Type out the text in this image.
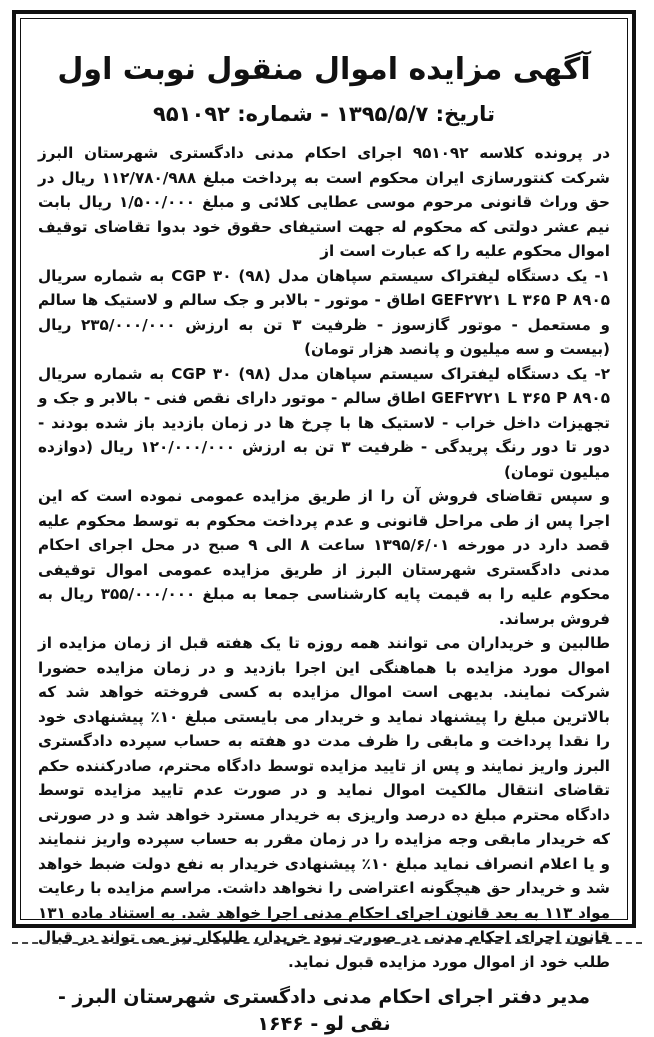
آگهی مزایده اموال منقول نوبت اول
تاریخ: ۱۳۹۵/۵/۷ - شماره: ۹۵۱۰۹۲

در پرونده کلاسه ۹۵۱۰۹۲ اجرای احکام مدنی دادگستری شهرستان البرز شرکت کنتورسازی ایران محکوم است به پرداخت مبلغ ۱۱۲/۷۸۰/۹۸۸ ریال در حق وراث قانونی مرحوم موسی عطایی کلائی و مبلغ ۱/۵۰۰/۰۰۰ ریال بابت نیم عشر دولتی که محکوم له جهت استیفای حقوق خود بدوا تقاضای توقیف اموال محکوم علیه را که عبارت است از

۱- یک دستگاه لیفتراک سیستم سپاهان مدل (۹۸) ۳۰ CGP به شماره سریال ۸۹۰۵ GEF۲۷۲۱ L ۳۶۵ P اطاق - موتور - بالابر و جک سالم و لاستیک ها سالم و مستعمل - موتور گازسوز - ظرفیت ۳ تن به ارزش ۲۳۵/۰۰۰/۰۰۰ ریال (بیست و سه میلیون و پانصد هزار تومان)

۲- یک دستگاه لیفتراک سیستم سپاهان مدل (۹۸) ۳۰ CGP به شماره سریال ۸۹۰۵ GEF۲۷۲۱ L ۳۶۵ P اطاق سالم - موتور دارای نقص فنی - بالابر و جک و تجهیزات داخل خراب - لاستیک ها با چرخ ها در زمان بازدید باز شده بودند - دور تا دور رنگ پریدگی - ظرفیت ۳ تن به ارزش ۱۲۰/۰۰۰/۰۰۰ ریال (دوازده میلیون تومان)

و سپس تقاضای فروش آن را از طریق مزایده عمومی نموده است که این اجرا پس از طی مراحل قانونی و عدم پرداخت محکوم به توسط محکوم علیه قصد دارد در مورخه ۱۳۹۵/۶/۰۱ ساعت ۸ الی ۹ صبح در محل اجرای احکام مدنی دادگستری شهرستان البرز از طریق مزایده عمومی اموال توقیفی محکوم علیه را به قیمت پایه کارشناسی جمعا به مبلغ ۳۵۵/۰۰۰/۰۰۰ ریال به فروش برساند.

طالبین و خریداران می توانند همه روزه تا یک هفته قبل از زمان مزایده از اموال مورد مزایده با هماهنگی این اجرا بازدید و در زمان مزایده حضورا شرکت نمایند. بدیهی است اموال مزایده به کسی فروخته خواهد شد که بالاترین مبلغ را پیشنهاد نماید و خریدار می بایستی مبلغ ۱۰٪ پیشنهادی خود را نقدا پرداخت و مابقی را ظرف مدت دو هفته به حساب سپرده دادگستری البرز واریز نمایند و پس از تایید مزایده توسط دادگاه محترم، صادرکننده حکم تقاضای انتقال مالکیت اموال نماید و در صورت عدم تایید مزایده توسط دادگاه محترم مبلغ ده درصد واریزی به خریدار مسترد خواهد شد و در صورتی که خریدار مابقی وجه مزایده را در زمان مقرر به حساب سپرده واریز ننمایند و یا اعلام انصراف نماید مبلغ ۱۰٪ پیشنهادی خریدار به نفع دولت ضبط خواهد شد و خریدار حق هیچگونه اعتراضی را نخواهد داشت. مراسم مزایده با رعایت مواد ۱۱۳ به بعد قانون اجرای احکام مدنی اجرا خواهد شد. به استناد ماده ۱۳۱ قانون اجرای احکام مدنی در صورت نبود خریدار، طلبکار نیز می تواند در قبال طلب خود از اموال مورد مزایده قبول نماید.

مدیر دفتر اجرای احکام مدنی دادگستری شهرستان البرز - نقی لو - ۱۶۴۶
